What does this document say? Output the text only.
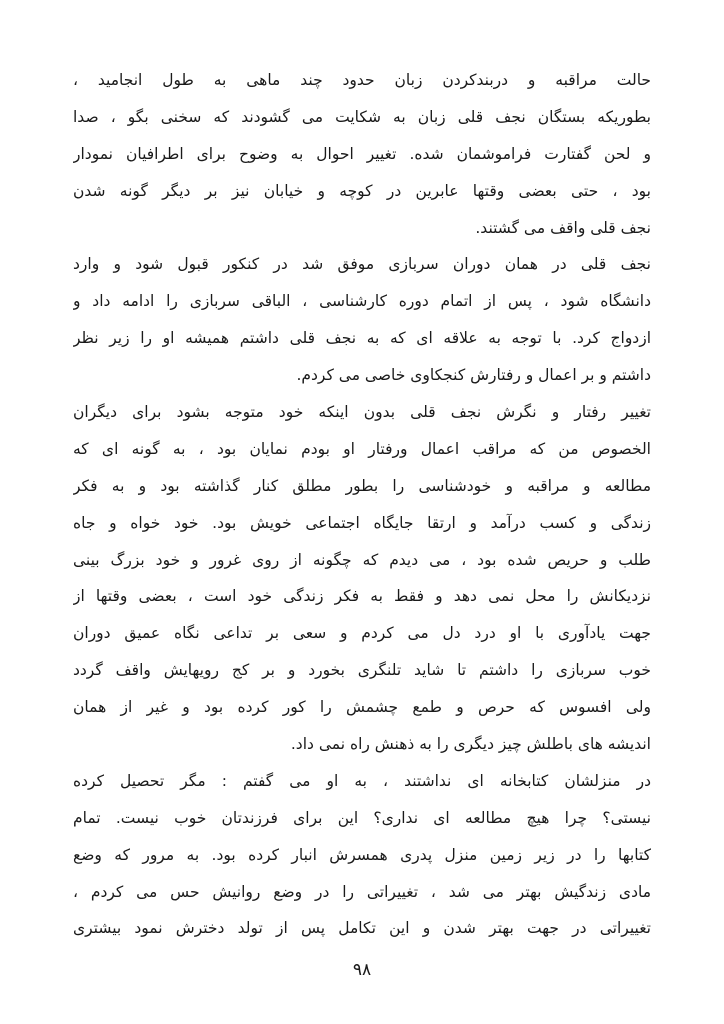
حالت مراقبه و دربندکردن زبان حدود چند ماهی به طول انجامید ،
بطوریکه بستگان نجف قلی زبان به شکایت می گشودند که سخنی بگو ، صدا
و لحن گفتارت فراموشمان شده. تغییر احوال به وضوح برای اطرافیان نمودار
بود ، حتی بعضی وقتها عابرین در کوچه و خیابان نیز بر دیگر گونه شدن
نجف قلی واقف می گشتند.
نجف قلی در همان دوران سربازی موفق شد در کنکور قبول شود و وارد
دانشگاه شود ، پس از اتمام دوره کارشناسی ، الباقی سربازی را ادامه داد و
ازدواج کرد. با توجه به علاقه ای که به نجف قلی داشتم همیشه او را زیر نظر
داشتم و بر اعمال و رفتارش کنجکاوی خاصی می کردم.
تغییر رفتار و نگرش نجف قلی بدون اینکه خود متوجه بشود برای دیگران
الخصوص من که مراقب اعمال ورفتار او بودم نمایان بود ، به گونه ای که
مطالعه و مراقبه و خودشناسی را بطور مطلق کنار گذاشته بود و به فکر
زندگی و کسب درآمد و ارتقا جایگاه اجتماعی خویش بود. خود خواه و جاه
طلب و حریص شده بود ، می دیدم که چگونه از روی غرور و خود بزرگ بینی
نزدیکانش را محل نمی دهد و فقط به فکر زندگی خود است ، بعضی وقتها از
جهت یادآوری با او درد دل می کردم و سعی بر تداعی نگاه عمیق دوران
خوب سربازی را داشتم تا شاید تلنگری بخورد و بر کج رویهایش واقف گردد
ولی افسوس که حرص و طمع چشمش را کور کرده بود و غیر از همان
اندیشه های باطلش چیز دیگری را به ذهنش راه نمی داد.
در منزلشان کتابخانه ای نداشتند ، به او می گفتم : مگر تحصیل کرده
نیستی؟ چرا هیچ مطالعه ای نداری؟ این برای فرزندتان خوب نیست. تمام
کتابها را در زیر زمین منزل پدری همسرش انبار کرده بود. به مرور که وضع
مادی زندگیش بهتر می شد ، تغییراتی را در وضع روانیش حس می کردم ،
تغییراتی در جهت بهتر شدن و این تکامل پس از تولد دخترش نمود بیشتری
۹۸
